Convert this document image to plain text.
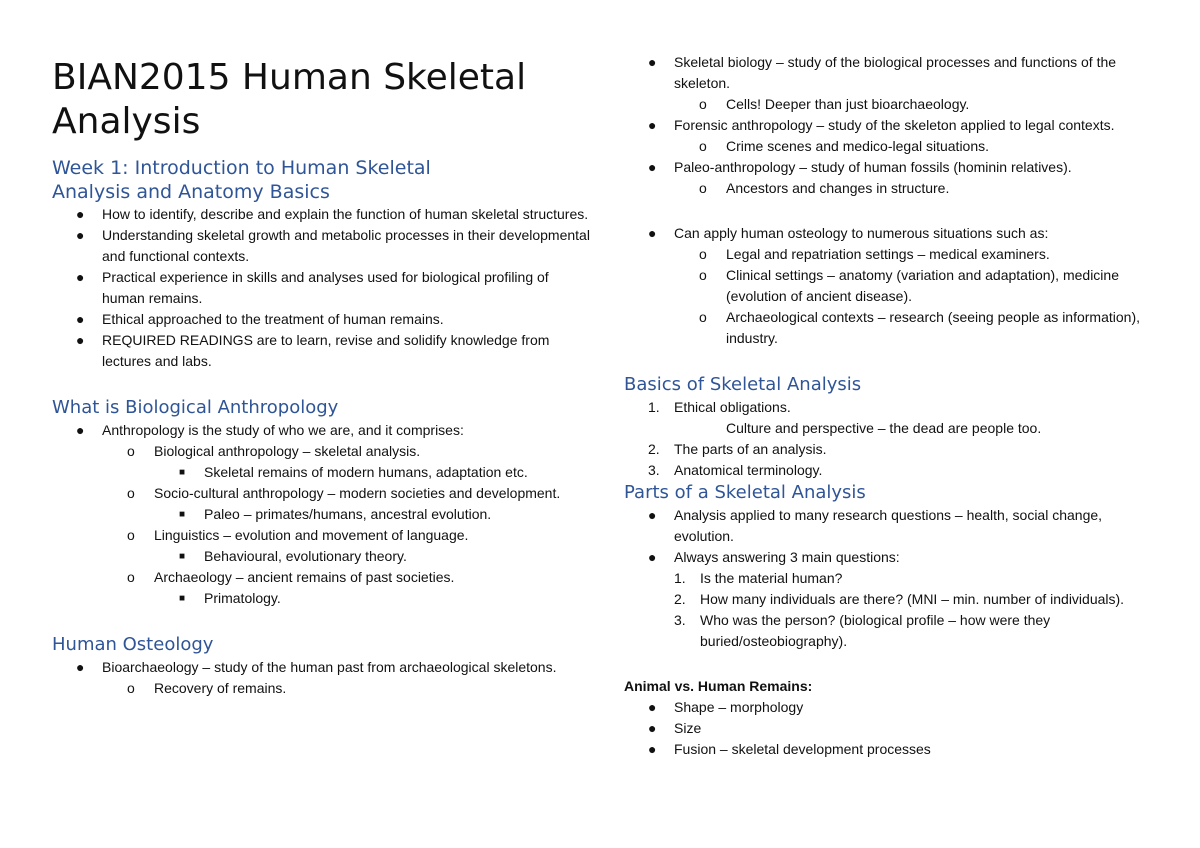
BIAN2015 Human Skeletal
Analysis
Week 1: Introduction to Human Skeletal
Analysis and Anatomy Basics
● How to identify, describe and explain the function of human skeletal structures.
● Understanding skeletal growth and metabolic processes in their developmental and functional contexts.
● Practical experience in skills and analyses used for biological profiling of human remains.
● Ethical approached to the treatment of human remains.
● REQUIRED READINGS are to learn, revise and solidify knowledge from lectures and labs.
What is Biological Anthropology
● Anthropology is the study of who we are, and it comprises:
o Biological anthropology – skeletal analysis.
■ Skeletal remains of modern humans, adaptation etc.
o Socio-cultural anthropology – modern societies and development.
■ Paleo – primates/humans, ancestral evolution.
o Linguistics – evolution and movement of language.
■ Behavioural, evolutionary theory.
o Archaeology – ancient remains of past societies.
■ Primatology.
Human Osteology
● Bioarchaeology – study of the human past from archaeological skeletons.
o Recovery of remains.
● Skeletal biology – study of the biological processes and functions of the skeleton.
o Cells! Deeper than just bioarchaeology.
● Forensic anthropology – study of the skeleton applied to legal contexts.
o Crime scenes and medico-legal situations.
● Paleo-anthropology – study of human fossils (hominin relatives).
o Ancestors and changes in structure.
● Can apply human osteology to numerous situations such as:
o Legal and repatriation settings – medical examiners.
o Clinical settings – anatomy (variation and adaptation), medicine (evolution of ancient disease).
o Archaeological contexts – research (seeing people as information), industry.
Basics of Skeletal Analysis
1. Ethical obligations.
Culture and perspective – the dead are people too.
2. The parts of an analysis.
3. Anatomical terminology.
Parts of a Skeletal Analysis
● Analysis applied to many research questions – health, social change, evolution.
● Always answering 3 main questions:
1. Is the material human?
2. How many individuals are there? (MNI – min. number of individuals).
3. Who was the person? (biological profile – how were they buried/osteobiography).

Animal vs. Human Remains:

● Shape – morphology
● Size
● Fusion – skeletal development processes
